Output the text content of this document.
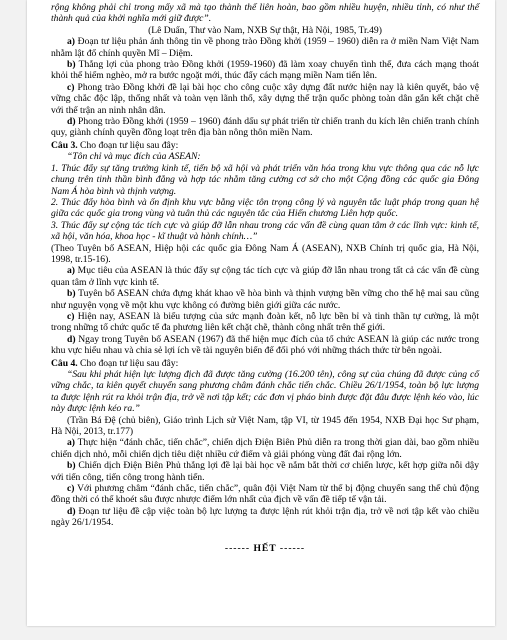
rộng không phải chỉ trong mấy xã mà tạo thành thế liên hoàn, bao gồm nhiều huyện, nhiều tỉnh, có như thế thành quả của khởi nghĩa mới giữ được”.

(Lê Duẩn, Thư vào Nam, NXB Sự thật, Hà Nội, 1985, Tr.49)

a) Đoạn tư liệu phản ánh thông tin về phong trào Đồng khởi (1959 – 1960) diễn ra ở miền Nam Việt Nam nhằm lật đổ chính quyền Mĩ – Diệm.

b) Thắng lợi của phong trào Đồng khởi (1959-1960) đã làm xoay chuyển tình thế, đưa cách mạng thoát khỏi thế hiểm nghèo, mở ra bước ngoặt mới, thúc đẩy cách mạng miền Nam tiến lên.

c) Phong trào Đồng khởi đề lại bài học cho công cuộc xây dựng đất nước hiện nay là kiên quyết, bảo vệ vững chắc độc lập, thống nhất và toàn vẹn lãnh thổ, xây dựng thế trận quốc phòng toàn dân gắn kết chặt chẽ với thế trận an ninh nhân dân.

d) Phong trào Đồng khởi (1959 – 1960) đánh dấu sự phát triển từ chiến tranh du kích lên chiến tranh chính quy, giành chính quyền đồng loạt trên địa bàn nông thôn miền Nam.

Câu 3. Cho đoạn tư liệu sau đây:

“Tôn chỉ và mục đích của ASEAN:

1. Thúc đẩy sự tăng trưởng kinh tế, tiến bộ xã hội và phát triển văn hóa trong khu vực thông qua các nỗ lực chung trên tinh thần bình đẳng và hợp tác nhằm tăng cường cơ sở cho một Cộng đồng các quốc gia Đông Nam Á hòa bình và thịnh vượng.

2. Thúc đẩy hòa bình và ổn định khu vực bằng việc tôn trọng công lý và nguyên tắc luật pháp trong quan hệ giữa các quốc gia trong vùng và tuân thủ các nguyên tắc của Hiến chương Liên hợp quốc.

3. Thúc đẩy sự cộng tác tích cực và giúp đỡ lẫn nhau trong các vấn đề cùng quan tâm ở các lĩnh vực: kinh tế, xã hội, văn hóa, khoa học - kĩ thuật và hành chính…”

(Theo Tuyên bố ASEAN, Hiệp hội các quốc gia Đông Nam Á (ASEAN), NXB Chính trị quốc gia, Hà Nội, 1998, tr.15-16).

a) Mục tiêu của ASEAN là thúc đẩy sự cộng tác tích cực và giúp đỡ lẫn nhau trong tất cả các vấn đề cùng quan tâm ở lĩnh vực kinh tế.

b) Tuyên bố ASEAN chứa đựng khát khao về hòa bình và thịnh vượng bền vững cho thế hệ mai sau cũng như nguyện vọng về một khu vực không có đường biên giới giữa các nước.

c) Hiện nay, ASEAN là biểu tượng của sức mạnh đoàn kết, nỗ lực bền bỉ và tinh thần tự cường, là một trong những tổ chức quốc tế đa phương liên kết chặt chẽ, thành công nhất trên thế giới.

d) Ngay trong Tuyên bố ASEAN (1967) đã thể hiện mục đích của tổ chức ASEAN là giúp các nước trong khu vực hiểu nhau và chia sẻ lợi ích về tài nguyên biển để đối phó với những thách thức từ bên ngoài.

Câu 4. Cho đoạn tư liệu sau đây:

“Sau khi phát hiện lực lượng địch đã được tăng cường (16.200 tên), công sự của chúng đã được củng cố vững chắc, ta kiên quyết chuyển sang phương châm đánh chắc tiến chắc. Chiều 26/1/1954, toàn bộ lực lượng ta được lệnh rút ra khỏi trận địa, trở về nơi tập kết; các đơn vị pháo binh được đặt đâu được lệnh kéo vào, lúc này được lệnh kéo ra.”

(Trần Bá Đệ (chủ biên), Giáo trình Lịch sử Việt Nam, tập VI, từ 1945 đến 1954, NXB Đại học Sư phạm, Hà Nội, 2013, tr.177)

a) Thực hiện “đánh chắc, tiến chắc”, chiến dịch Điện Biên Phủ diễn ra trong thời gian dài, bao gồm nhiều chiến dịch nhỏ, mỗi chiến dịch tiêu diệt nhiều cứ điểm và giải phóng vùng đất đai rộng lớn.

b) Chiến dịch Điện Biên Phủ thắng lợi đề lại bài học về nắm bắt thời cơ chiến lược, kết hợp giữa nỗi dậy với tiến công, tiến công trong hành tiến.

c) Với phương châm “đánh chắc, tiến chắc”, quân đội Việt Nam từ thế bị động chuyển sang thế chủ động đồng thời có thể khoét sâu được nhược điểm lớn nhất của địch về vấn đề tiếp tế vận tải.

d) Đoạn tư liệu đề cập việc toàn bộ lực lượng ta được lệnh rút khỏi trận địa, trở về nơi tập kết vào chiều ngày 26/1/1954.

------ HẾT ------
